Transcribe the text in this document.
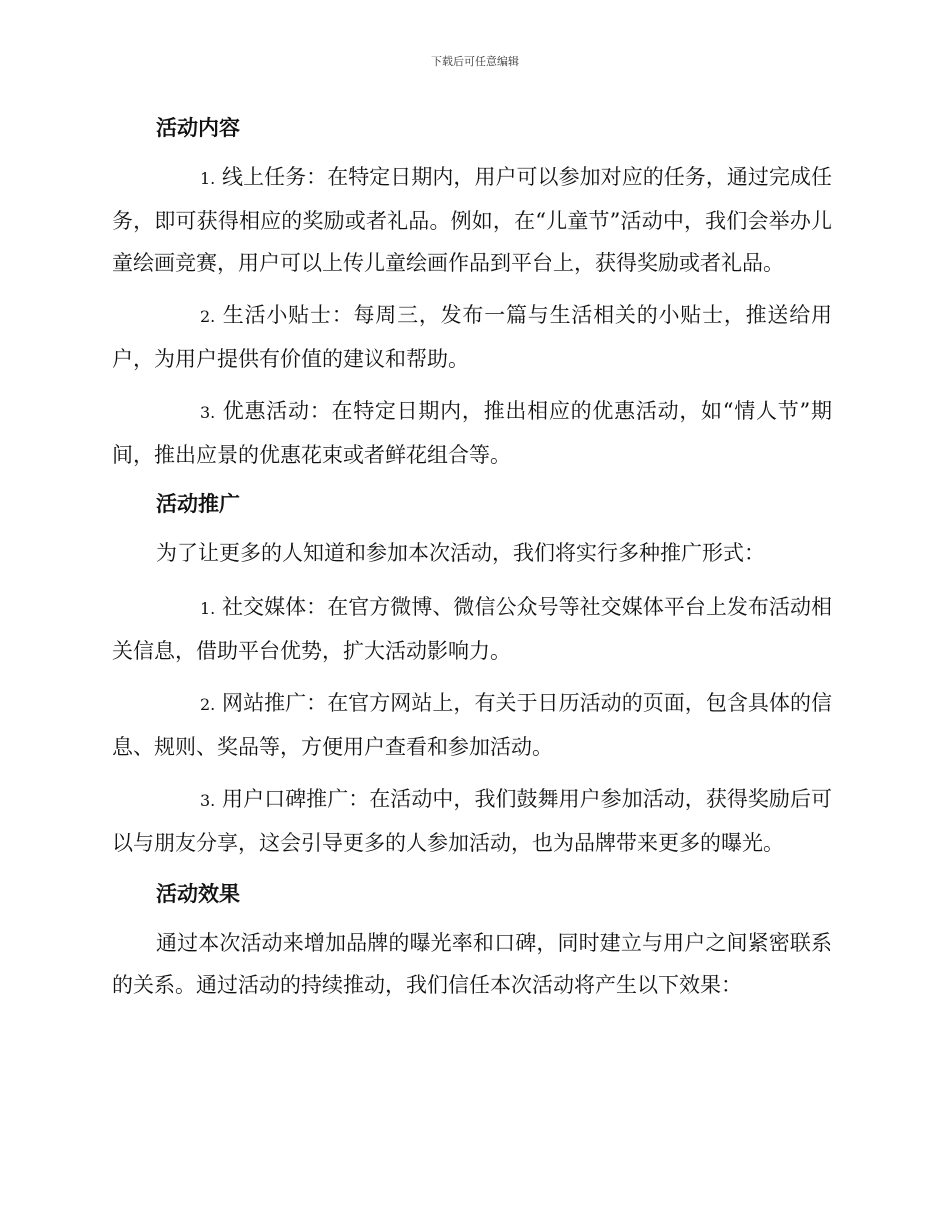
下载后可任意编辑
活动内容

1. 线上任务：在特定日期内，用户可以参加对应的任务，通过完成任务，即可获得相应的奖励或者礼品。例如，在“儿童节”活动中，我们会举办儿童绘画竞赛，用户可以上传儿童绘画作品到平台上，获得奖励或者礼品。

2. 生活小贴士：每周三，发布一篇与生活相关的小贴士，推送给用户，为用户提供有价值的建议和帮助。

3. 优惠活动：在特定日期内，推出相应的优惠活动，如“情人节”期间，推出应景的优惠花束或者鲜花组合等。

活动推广

为了让更多的人知道和参加本次活动，我们将实行多种推广形式：

1. 社交媒体：在官方微博、微信公众号等社交媒体平台上发布活动相关信息，借助平台优势，扩大活动影响力。

2. 网站推广：在官方网站上，有关于日历活动的页面，包含具体的信息、规则、奖品等，方便用户查看和参加活动。

3. 用户口碑推广：在活动中，我们鼓舞用户参加活动，获得奖励后可以与朋友分享，这会引导更多的人参加活动，也为品牌带来更多的曝光。

活动效果

通过本次活动来增加品牌的曝光率和口碑，同时建立与用户之间紧密联系的关系。通过活动的持续推动，我们信任本次活动将产生以下效果：
